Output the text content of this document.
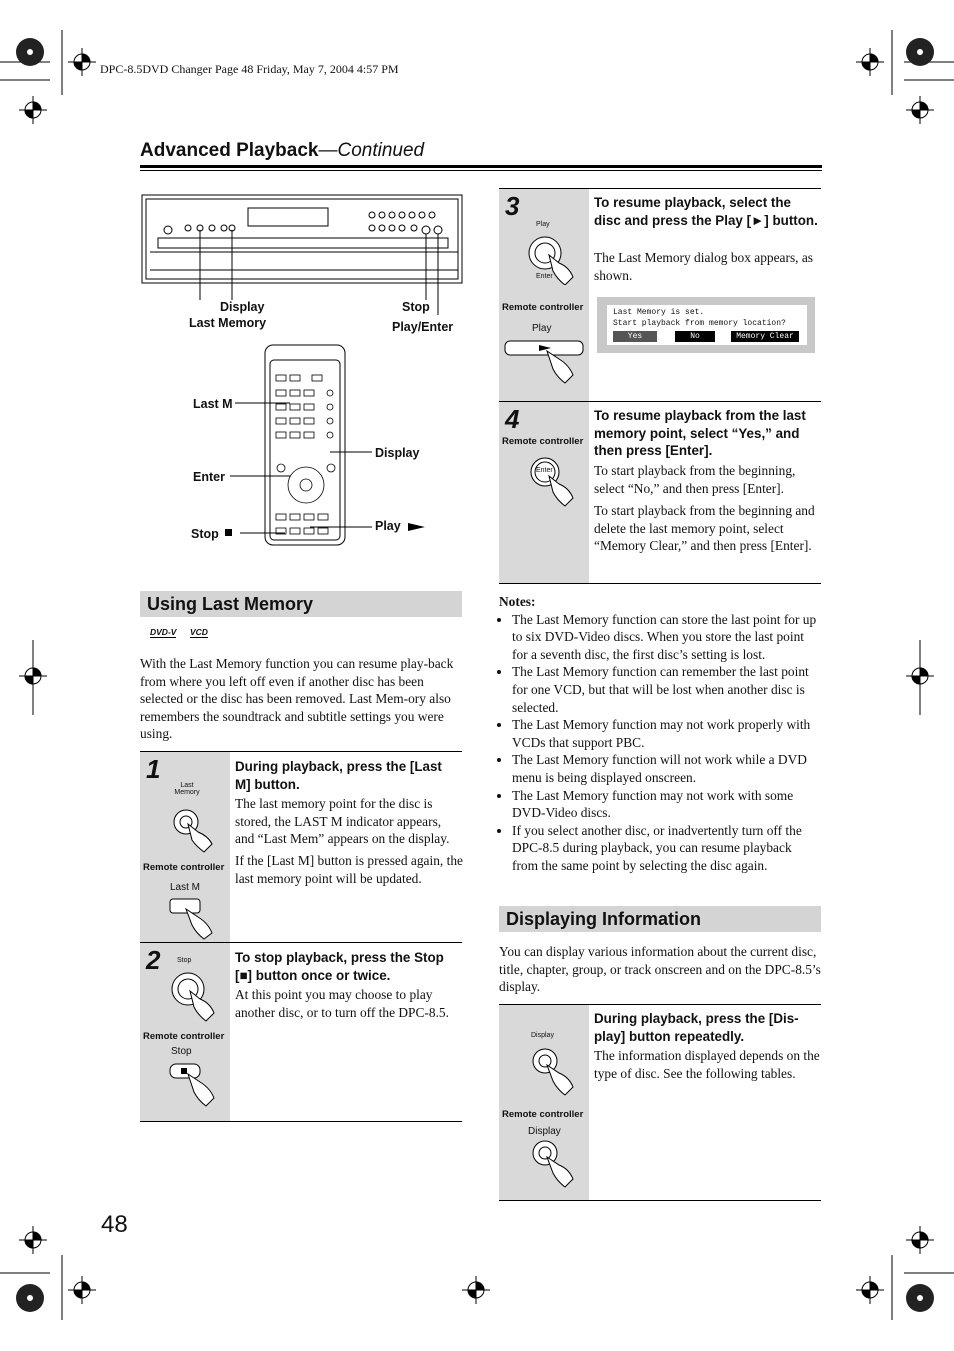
DPC-8.5DVD Changer Page 48 Friday, May 7, 2004 4:57 PM
Advanced Playback—Continued
Display
Last Memory
Stop
Play/Enter
Last M
Display
Enter
Play
Stop
Using Last Memory
DVD-V VCD
With the Last Memory function you can resume play-back from where you left off even if another disc has been selected or the disc has been removed. Last Mem-ory also remembers the soundtrack and subtitle settings you were using.
1
Last Memory
Remote controller
Last M
During playback, press the [Last M] button.
The last memory point for the disc is stored, the LAST M indicator appears, and “Last Mem” appears on the display.
If the [Last M] button is pressed again, the last memory point will be updated.
2 Stop
Remote controller
Stop
To stop playback, press the Stop [■] button once or twice.
At this point you may choose to play another disc, or to turn off the DPC-8.5.
3
Play
Enter
Remote controller
Play
To resume playback, select the disc and press the Play [►] button.
The Last Memory dialog box appears, as shown.
Last Memory is set.
Start playback from memory location?
Yes	No	Memory Clear
4
Remote controller
Enter
To resume playback from the last memory point, select “Yes,” and then press [Enter].
To start playback from the beginning, select “No,” and then press [Enter].
To start playback from the beginning and delete the last memory point, select “Memory Clear,” and then press [Enter].
Notes:
• The Last Memory function can store the last point for up to six DVD-Video discs. When you store the last point for a seventh disc, the first disc’s setting is lost.
• The Last Memory function can remember the last point for one VCD, but that will be lost when another disc is selected.
• The Last Memory function may not work properly with VCDs that support PBC.
• The Last Memory function will not work while a DVD menu is being displayed onscreen.
• The Last Memory function may not work with some DVD-Video discs.
• If you select another disc, or inadvertently turn off the DPC-8.5 during playback, you can resume playback from the same point by selecting the disc again.
Displaying Information
You can display various information about the current disc, title, chapter, group, or track onscreen and on the DPC-8.5’s display.
Display
Remote controller
Display
During playback, press the [Dis-play] button repeatedly.
The information displayed depends on the type of disc. See the following tables.
48
